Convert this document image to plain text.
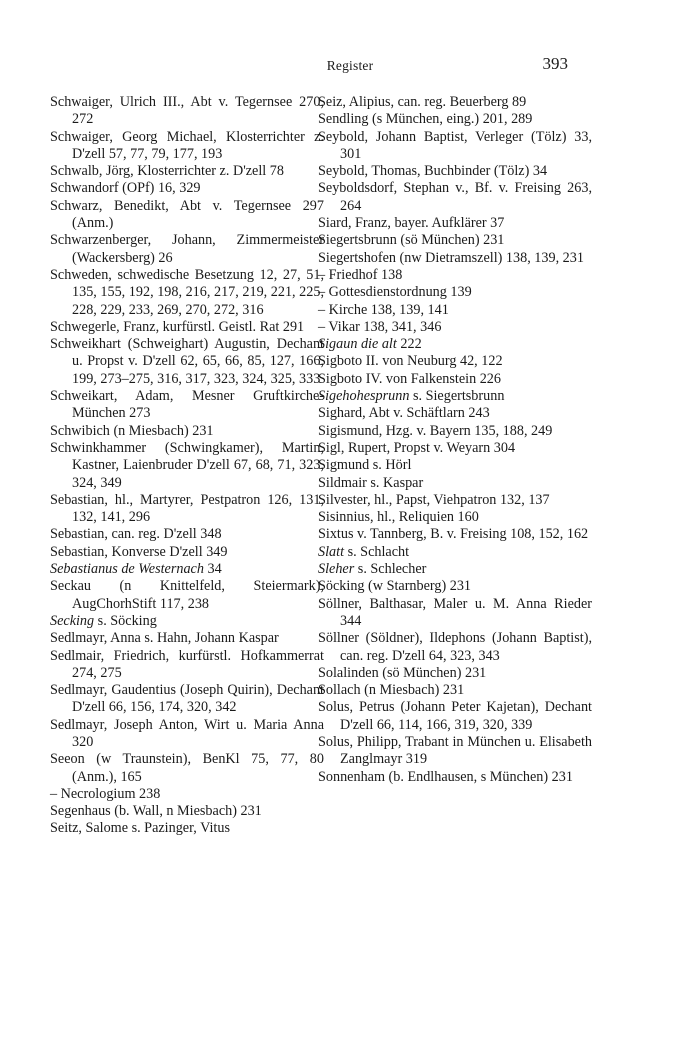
Register	393
Schwaiger, Ulrich III., Abt v. Tegernsee 270, 272
Schwaiger, Georg Michael, Klosterrichter z. D'zell 57, 77, 79, 177, 193
Schwalb, Jörg, Klosterrichter z. D'zell 78
Schwandorf (OPf) 16, 329
Schwarz, Benedikt, Abt v. Tegernsee 297 (Anm.)
Schwarzenberger, Johann, Zimmermeister (Wackersberg) 26
Schweden, schwedische Besetzung 12, 27, 51, 135, 155, 192, 198, 216, 217, 219, 221, 225, 228, 229, 233, 269, 270, 272, 316
Schwegerle, Franz, kurfürstl. Geistl. Rat 291
Schweikhart (Schweighart) Augustin, Dechant u. Propst v. D'zell 62, 65, 66, 85, 127, 166, 199, 273–275, 316, 317, 323, 324, 325, 333
Schweikart, Adam, Mesner Gruftkirche-München 273
Schwibich (n Miesbach) 231
Schwinkhammer (Schwingkamer), Martin, Kastner, Laienbruder D'zell 67, 68, 71, 323, 324, 349
Sebastian, hl., Martyrer, Pestpatron 126, 131, 132, 141, 296
Sebastian, can. reg. D'zell 348
Sebastian, Konverse D'zell 349
Sebastianus de Westernach 34
Seckau (n Knittelfeld, Steiermark), AugChorhStift 117, 238
Secking s. Söcking
Sedlmayr, Anna s. Hahn, Johann Kaspar
Sedlmair, Friedrich, kurfürstl. Hofkammerrat 274, 275
Sedlmayr, Gaudentius (Joseph Quirin), Dechant D'zell 66, 156, 174, 320, 342
Sedlmayr, Joseph Anton, Wirt u. Maria Anna 320
Seeon (w Traunstein), BenKl 75, 77, 80 (Anm.), 165
– Necrologium 238
Segenhaus (b. Wall, n Miesbach) 231
Seitz, Salome s. Pazinger, Vitus
Seiz, Alipius, can. reg. Beuerberg 89
Sendling (s München, eing.) 201, 289
Seybold, Johann Baptist, Verleger (Tölz) 33, 301
Seybold, Thomas, Buchbinder (Tölz) 34
Seyboldsdorf, Stephan v., Bf. v. Freising 263, 264
Siard, Franz, bayer. Aufklärer 37
Siegertsbrunn (sö München) 231
Siegertshofen (nw Dietramszell) 138, 139, 231
– Friedhof 138
– Gottesdienstordnung 139
– Kirche 138, 139, 141
– Vikar 138, 341, 346
Sigaun die alt 222
Sigboto II. von Neuburg 42, 122
Sigboto IV. von Falkenstein 226
Sigehohesprunn s. Siegertsbrunn
Sighard, Abt v. Schäftlarn 243
Sigismund, Hzg. v. Bayern 135, 188, 249
Sigl, Rupert, Propst v. Weyarn 304
Sigmund s. Hörl
Sildmair s. Kaspar
Silvester, hl., Papst, Viehpatron 132, 137
Sisinnius, hl., Reliquien 160
Sixtus v. Tannberg, B. v. Freising 108, 152, 162
Slatt s. Schlacht
Sleher s. Schlecher
Söcking (w Starnberg) 231
Söllner, Balthasar, Maler u. M. Anna Rieder 344
Söllner (Söldner), Ildephons (Johann Baptist), can. reg. D'zell 64, 323, 343
Solalinden (sö München) 231
Sollach (n Miesbach) 231
Solus, Petrus (Johann Peter Kajetan), Dechant D'zell 66, 114, 166, 319, 320, 339
Solus, Philipp, Trabant in München u. Elisabeth Zanglmayr 319
Sonnenham (b. Endlhausen, s München) 231
